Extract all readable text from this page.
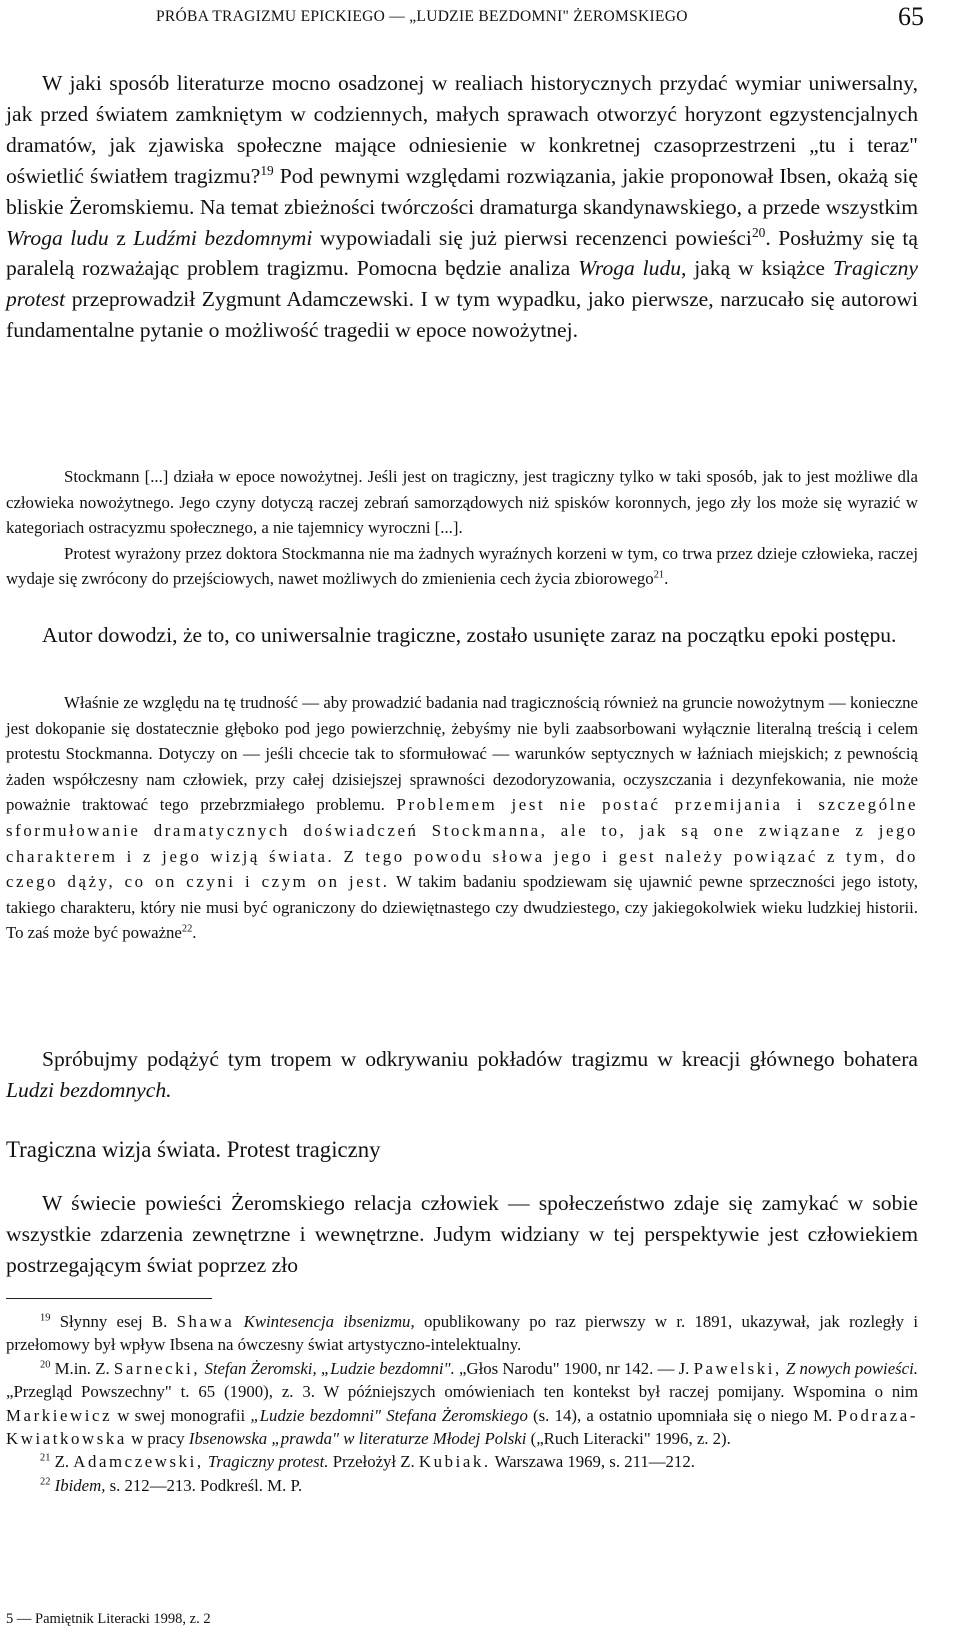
PRÓBA TRAGIZMU EPICKIEGO — „LUDZIE BEZDOMNI" ŻEROMSKIEGO	65

W jaki sposób literaturze mocno osadzonej w realiach historycznych przydać wymiar uniwersalny, jak przed światem zamkniętym w codziennych, małych sprawach otworzyć horyzont egzystencjalnych dramatów, jak zjawiska społeczne mające odniesienie w konkretnej czasoprzestrzeni „tu i teraz" oświetlić światłem tragizmu?$^{19}$ Pod pewnymi względami rozwiązania, jakie proponował Ibsen, okażą się bliskie Żeromskiemu. Na temat zbieżności twórczości dramaturga skandynawskiego, a przede wszystkim Wroga ludu z Ludźmi bezdomnymi wypowiadali się już pierwsi recenzenci powieści$^{20}$. Posłużmy się tą paralelą rozważając problem tragizmu. Pomocna będzie analiza Wroga ludu, jaką w książce Tragiczny protest przeprowadził Zygmunt Adamczewski. I w tym wypadku, jako pierwsze, narzucało się autorowi fundamentalne pytanie o możliwość tragedii w epoce nowożytnej.

Stockmann [...] działa w epoce nowożytnej. Jeśli jest on tragiczny, jest tragiczny tylko w taki sposób, jak to jest możliwe dla człowieka nowożytnego. Jego czyny dotyczą raczej zebrań samorządowych niż spisków koronnych, jego zły los może się wyrazić w kategoriach ostracyzmu społecznego, a nie tajemnicy wyroczni [...].

Protest wyrażony przez doktora Stockmanna nie ma żadnych wyraźnych korzeni w tym, co trwa przez dzieje człowieka, raczej wydaje się zwrócony do przejściowych, nawet możliwych do zmienienia cech życia zbiorowego$^{21}$.

Autor dowodzi, że to, co uniwersalnie tragiczne, zostało usunięte zaraz na początku epoki postępu.

Właśnie ze względu na tę trudność — aby prowadzić badania nad tragicznością również na gruncie nowożytnym — konieczne jest dokopanie się dostatecznie głęboko pod jego powierzchnię, żebyśmy nie byli zaabsorbowani wyłącznie literalną treścią i celem protestu Stockmanna. Dotyczy on — jeśli chcecie tak to sformułować — warunków septycznych w łaźniach miejskich; z pewnością żaden współczesny nam człowiek, przy całej dzisiejszej sprawności dezodoryzowania, oczyszczania i dezynfekowania, nie może poważnie traktować tego przebrzmiałego problemu. Problemem jest nie postać przemijania i szczególne sformułowanie dramatycznych doświadczeń Stockmanna, ale to, jak są one związane z jego charakterem i z jego wizją świata. Z tego powodu słowa jego i gest należy powiązać z tym, do czego dąży, co on czyni i czym on jest. W takim badaniu spodziewam się ujawnić pewne sprzeczności jego istoty, takiego charakteru, który nie musi być ograniczony do dziewiętnastego czy dwudziestego, czy jakiegokolwiek wieku ludzkiej historii. To zaś może być poważne$^{22}$.

Spróbujmy podążyć tym tropem w odkrywaniu pokładów tragizmu w kreacji głównego bohatera Ludzi bezdomnych.

Tragiczna wizja świata. Protest tragiczny

W świecie powieści Żeromskiego relacja człowiek — społeczeństwo zdaje się zamykać w sobie wszystkie zdarzenia zewnętrzne i wewnętrzne. Judym widziany w tej perspektywie jest człowiekiem postrzegającym świat poprzez zło

$^{19}$ Słynny esej B. Shawa Kwintesencja ibsenizmu, opublikowany po raz pierwszy w r. 1891, ukazywał, jak rozległy i przełomowy był wpływ Ibsena na ówczesny świat artystyczno-intelektualny.

$^{20}$ M.in. Z. Sarnecki, Stefan Żeromski, „Ludzie bezdomni". „Głos Narodu" 1900, nr 142. — J. Pawelski, Z nowych powieści. „Przegląd Powszechny" t. 65 (1900), z. 3. W późniejszych omówieniach ten kontekst był raczej pomijany. Wspomina o nim Markiewicz w swej monografii „Ludzie bezdomni" Stefana Żeromskiego (s. 14), a ostatnio upomniała się o niego M. Podraza-Kwiatkowska w pracy Ibsenowska „prawda" w literaturze Młodej Polski („Ruch Literacki" 1996, z. 2).

$^{21}$ Z. Adamczewski, Tragiczny protest. Przełożył Z. Kubiak. Warszawa 1969, s. 211—212.

$^{22}$ Ibidem, s. 212—213. Podkreśl. M. P.

5 — Pamiętnik Literacki 1998, z. 2
